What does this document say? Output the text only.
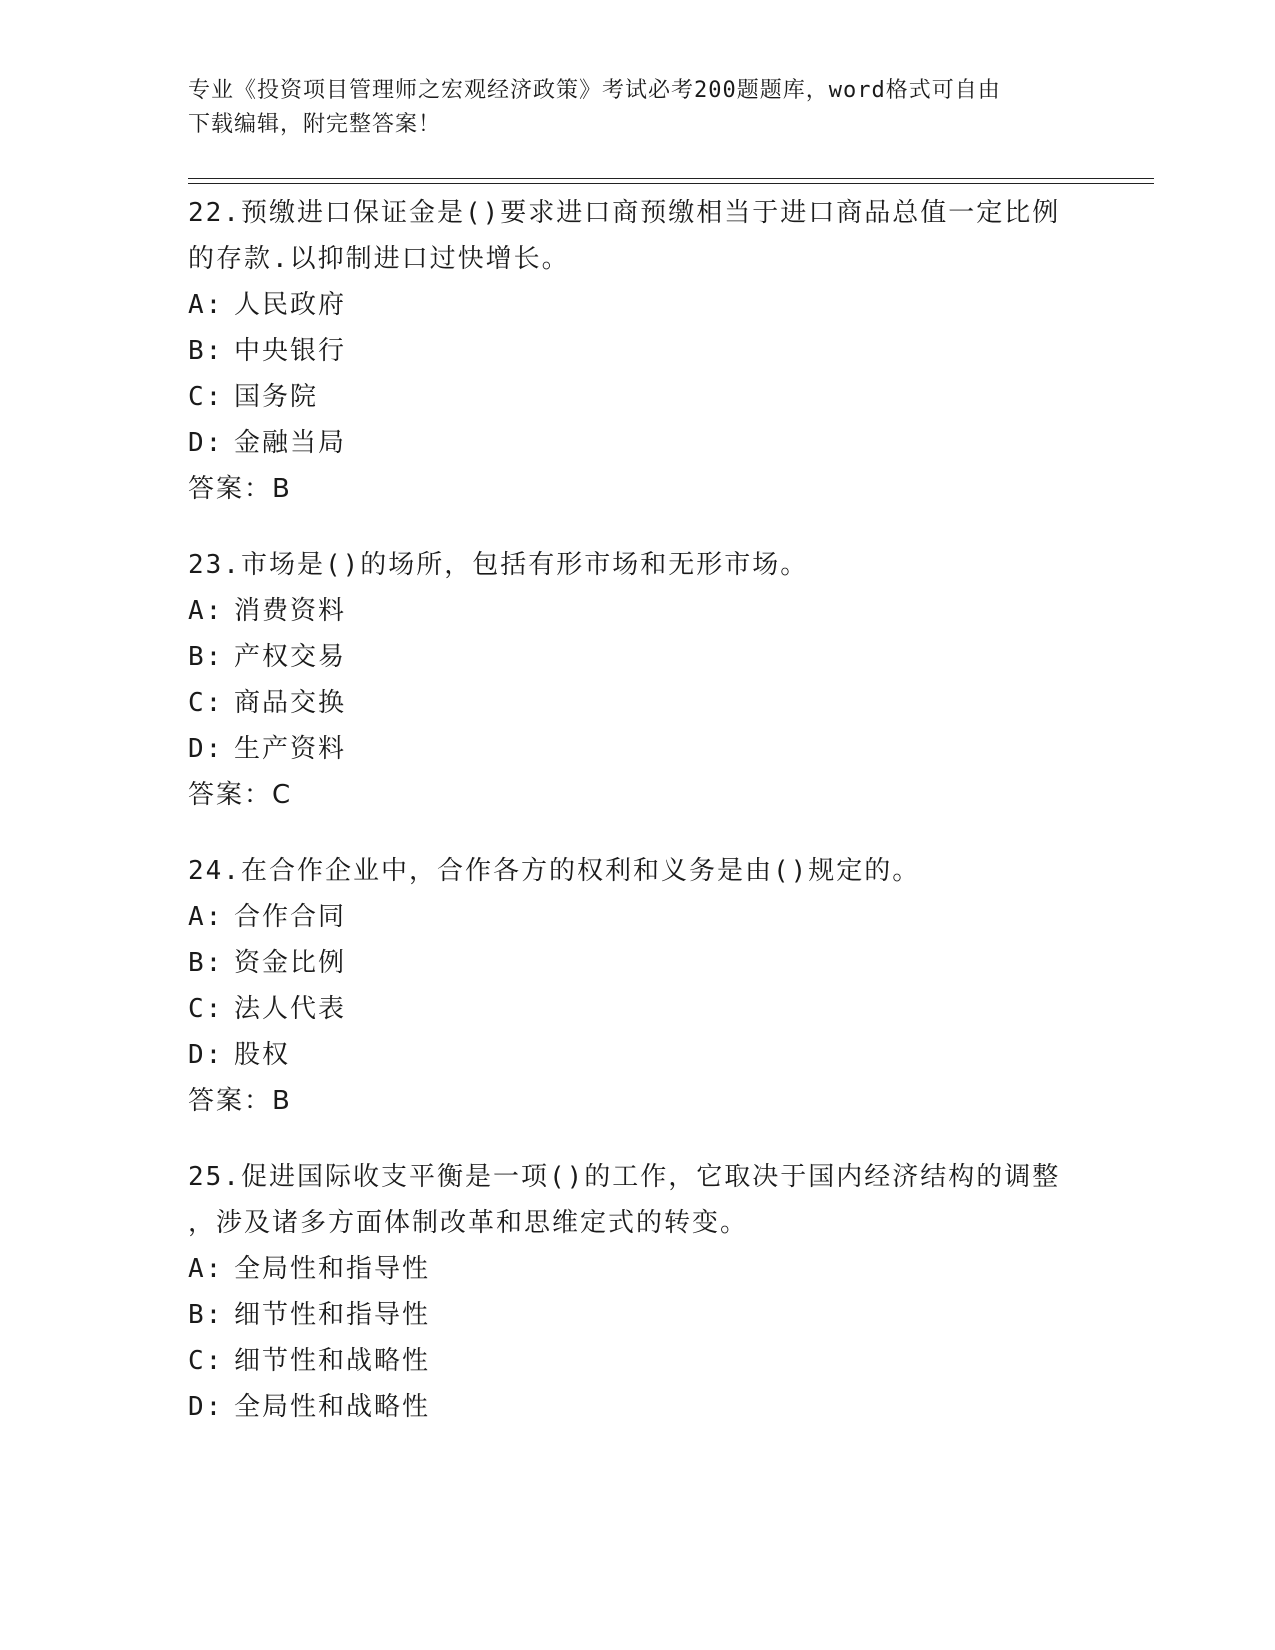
专业《投资项目管理师之宏观经济政策》考试必考200题题库，word格式可自由
下载编辑，附完整答案！
22.预缴进口保证金是()要求进口商预缴相当于进口商品总值一定比例
的存款.以抑制进口过快增长。
A: 人民政府
B: 中央银行
C: 国务院
D: 金融当局
答案：B
23.市场是()的场所，包括有形市场和无形市场。
A: 消费资料
B: 产权交易
C: 商品交换
D: 生产资料
答案：C
24.在合作企业中，合作各方的权利和义务是由()规定的。
A: 合作合同
B: 资金比例
C: 法人代表
D: 股权
答案：B
25.促进国际收支平衡是一项()的工作，它取决于国内经济结构的调整
，涉及诸多方面体制改革和思维定式的转变。
A: 全局性和指导性
B: 细节性和指导性
C: 细节性和战略性
D: 全局性和战略性
